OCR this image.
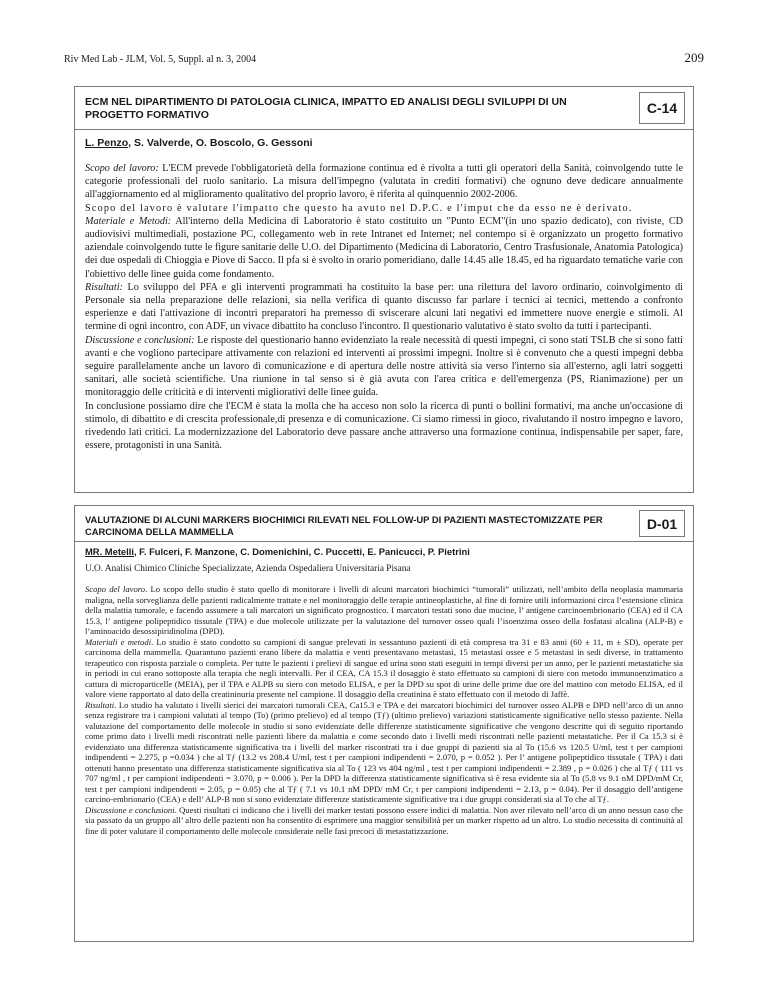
Riv Med Lab - JLM, Vol. 5, Suppl. al n. 3, 2004	209
ECM NEL DIPARTIMENTO DI PATOLOGIA CLINICA, IMPATTO ED ANALISI DEGLI SVILUPPI DI UN PROGETTO FORMATIVO	C-14
L. Penzo, S. Valverde, O. Boscolo, G. Gessoni

Scopo del lavoro: L'ECM prevede l'obbligatorietà della formazione continua ed è rivolta a tutti gli operatori della Sanità, coinvolgendo tutte le categorie professionali del ruolo sanitario. La misura dell'impegno (valutata in crediti formativi) che ognuno deve dedicare annualmente all'aggiornamento ed al miglioramento qualitativo del proprio lavoro, è riferita al quinquennio 2002-2006.

Scopo del lavoro è valutare l'impatto che questo ha avuto nel D.P.C. e l'imput che da esso ne è derivato.

Materiale e Metodi: All'interno della Medicina di Laboratorio è stato costituito un "Punto ECM"(in uno spazio dedicato), con riviste, CD audiovisivi multimediali, postazione PC, collegamento web in rete Intranet ed Internet; nel contempo si è organizzato un progetto formativo aziendale coinvolgendo tutte le figure sanitarie delle U.O. del Dipartimento (Medicina di Laboratorio, Centro Trasfusionale, Anatomia Patologica) dei due ospedali di Chioggia e Piove di Sacco. Il pfa si è svolto in orario pomeridiano, dalle 14.45 alle 18.45, ed ha riguardato tematiche varie con l'obiettivo delle linee guida come fondamento.

Risultati: Lo sviluppo del PFA e gli interventi programmati ha costituito la base per: una rilettura del lavoro ordinario, coinvolgimento di Personale sia nella preparazione delle relazioni, sia nella verifica di quanto discusso far parlare i tecnici ai tecnici, mettendo a confronto esperienze e dati l'attivazione di incontri preparatori ha premesso di sviscerare alcuni lati negativi ed immettere nuove energie e stimoli. Al termine di ogni incontro, con ADF, un vivace dibattito ha concluso l'incontro. Il questionario valutativo è stato svolto da tutti i partecipanti.

Discussione e conclusioni: Le risposte del questionario hanno evidenziato la reale necessità di questi impegni, ci sono stati TSLB che si sono fatti avanti e che vogliono partecipare attivamente con relazioni ed interventi ai prossimi impegni. Inoltre si è convenuto che a questi impegni debba seguire parallelamente anche un lavoro di comunicazione e di apertura delle nostre attività sia verso l'interno sia all'esterno, agli latri soggetti sanitari, alle società scientifiche. Una riunione in tal senso si è già avuta con l'area critica e dell'emergenza (PS, Rianimazione) per un monitoraggio delle criticità e di interventi migliorativi delle linee guida.

In conclusione possiamo dire che l'ECM è stata la molla che ha acceso non solo la ricerca di punti o bollini formativi, ma anche un'occasione di stimolo, di dibattito e di crescita professionale,di presenza e di comunicazione. Ci siamo rimessi in gioco, rivalutando il nostro impegno e lavoro, rivedendo lati critici. La modernizzazione del Laboratorio deve passare anche attraverso una formazione continua, indispensabile per saper, fare, essere, protagonisti in una Sanità.

VALUTAZIONE DI ALCUNI MARKERS BIOCHIMICI RILEVATI NEL FOLLOW-UP DI PAZIENTI MASTECTOMIZZATE PER CARCINOMA DELLA MAMMELLA	D-01
MR. Metelli, F. Fulceri, F. Manzone, C. Domenichini, C. Puccetti, E. Panicucci, P. Pietrini
U.O. Analisi Chimico Cliniche Specializzate, Azienda Ospedaliera Universitaria Pisana

Scopo del lavoro. Lo scopo dello studio è stato quello di monitorare i livelli di alcuni marcatori biochimici “tumorali” utilizzati, nell’ambito della neoplasia mammaria maligna, nella sorveglianza delle pazienti radicalmente trattate e nel monitoraggio delle terapie antineoplastiche, al fine di fornire utili informazioni circa l’estensione clinica della malattia tumorale, e facendo assumere a tali marcatori un significato prognostico. I marcatori testati sono due mucine, l’ antigene carcinoembrionario (CEA) ed il CA 15.3, l’ antigene polipeptidico tissutale (TPA) e due molecole utilizzate per la valutazione del turnover osseo quali l’isoenzima osseo della fosfatasi alcalina (ALP-B) e l’aminoacido desossipiridinolina (DPD).

Materiali e metodi. Lo studio è stato condotto su campioni di sangue prelevati in sessantuno pazienti di età compresa tra 31 e 83 anni (60 ± 11, m ± SD), operate per carcinoma della mammella. Quarantuno pazienti erano libere da malattia e venti presentavano metastasi, 15 metastasi ossee e 5 metastasi in sedi diverse, in trattamento terapeutico con risposta parziale o completa. Per tutte le pazienti i prelievi di sangue ed urina sono stati eseguiti in tempi diversi per un anno, per le pazienti metastatiche sia in periodi in cui erano sottoposte alla terapia che negli intervalli. Per il CEA, CA 15.3 il dosaggio è stato effettuato su campioni di siero con metodo immunoenzimatico a cattura di microparticelle (MEIA), per il TPA e ALPB su siero con metodo ELISA, e per la DPD su spot di urine delle prime due ore del mattino con metodo ELISA, ed il valore viene rapportato al dato della creatininuria presente nel campione. Il dosaggio della creatinina è stato effettuato con il metodo di Jaffè.

Risultati. Lo studio ha valutato i livelli sierici dei marcatori tumorali CEA, Ca15.3 e TPA e dei marcatori biochimici del turnover osseo ALPB e DPD nell’arco di un anno senza registrare tra i campioni valutati al tempo (To) (primo prelievo) ed al tempo (Tƒ) (ultimo prelievo) variazioni statisticamente significative nello stesso paziente. Nella valutazione del comportamento delle molecole in studio si sono evidenziate delle differenze statisticamente significative che vengono descritte qui di seguito riportando come primo dato i livelli medi riscontrati nelle pazienti libere da malattia e come secondo dato i livelli medi riscontrati nelle pazienti metastatiche. Per il Ca 15.3 si è evidenziato una differenza statisticamente significativa tra i livelli del marker riscontrati tra i due gruppi di pazienti sia al To (15.6 vs 120.5 U/ml, test t per campioni indipendenti = 2.275, p =0.034 ) che al Tƒ (13.2 vs 208.4 U/ml, test t per campioni indipendenti = 2.070, p = 0.052 ). Per l’ antigene polipeptidico tissutale ( TPA) i dati ottenuti hanno presentato una differenza statisticamente significativa sia al To ( 123 vs 404 ng/ml , test t per campioni indipendenti = 2.389 , p = 0.026 ) che al Tƒ ( 111 vs 707 ng/ml , t per campioni indipendenti = 3.070, p = 0.006 ). Per la DPD la differenza statisticamente significativa si è resa evidente sia al To (5.8 vs 9.1 nM DPD/mM Cr, test t per campioni indipendenti = 2.05, p = 0.05) che al Tƒ ( 7.1 vs 10.1 nM DPD/ mM Cr, t per campioni indipendenti = 2.13, p = 0.04). Per il dosaggio dell’antigene carcino-embrionario (CEA) e dell’ ALP-B non si sono evidenziate differenze statisticamente significative tra i due gruppi considerati sia al To che al Tƒ.

Discussione e conclusioni. Questi risultati ci indicano che i livelli dei marker testati possono essere indici di malattia. Non aver rilevato nell’arco di un anno nessun caso che sia passato da un gruppo all’ altro delle pazienti non ha consentito di esprimere una maggior sensibilità per un marker rispetto ad un altro. Lo studio necessita di continuità al fine di poter valutare il comportamento delle molecole considerate nelle fasi precoci di metastatizzazione.
